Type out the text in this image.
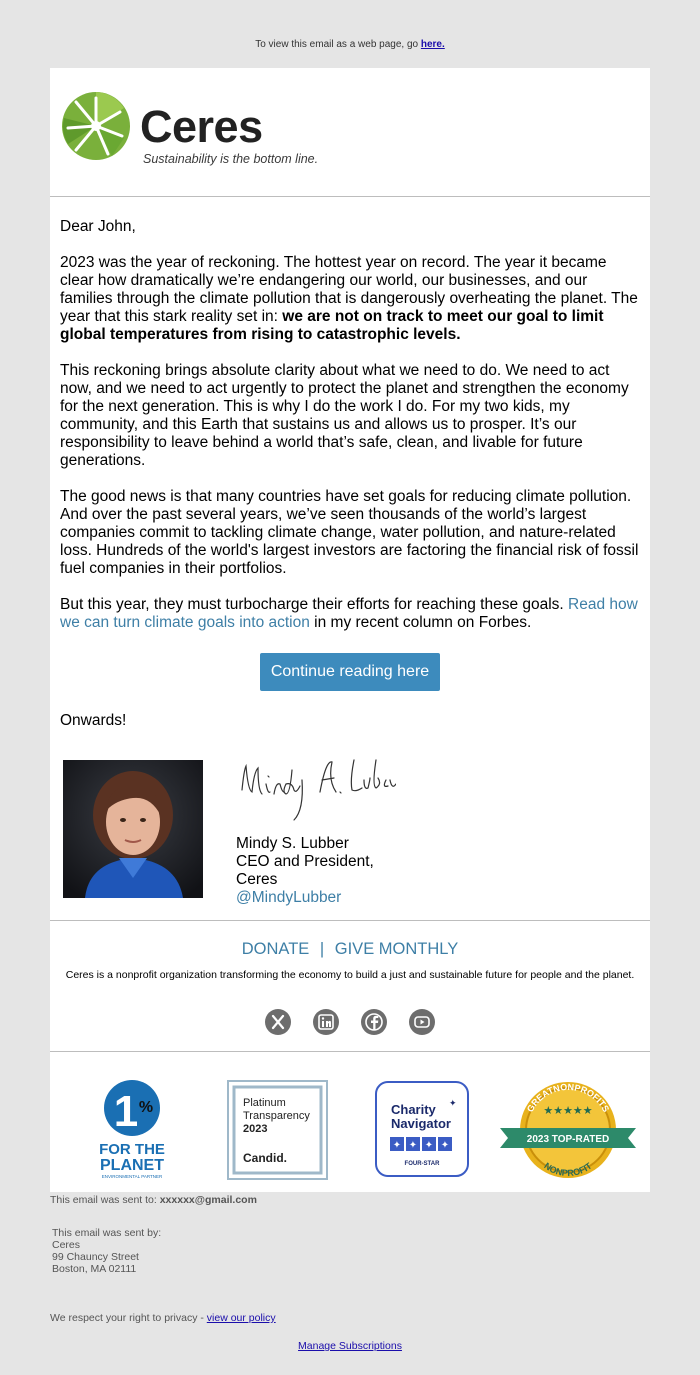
To view this email as a web page, go here.
Ceres
Sustainability is the bottom line.

Dear John,

2023 was the year of reckoning. The hottest year on record. The year it became clear how dramatically we’re endangering our world, our businesses, and our families through the climate pollution that is dangerously overheating the planet. The year that this stark reality set in: we are not on track to meet our goal to limit global temperatures from rising to catastrophic levels.

This reckoning brings absolute clarity about what we need to do. We need to act now, and we need to act urgently to protect the planet and strengthen the economy for the next generation. This is why I do the work I do. For my two kids, my community, and this Earth that sustains us and allows us to prosper. It’s our responsibility to leave behind a world that’s safe, clean, and livable for future generations.

The good news is that many countries have set goals for reducing climate pollution. And over the past several years, we’ve seen thousands of the world’s largest companies commit to tackling climate change, water pollution, and nature-related loss. Hundreds of the world's largest investors are factoring the financial risk of fossil fuel companies in their portfolios.

But this year, they must turbocharge their efforts for reaching these goals. Read how we can turn climate goals into action in my recent column on Forbes.

Continue reading here
Onwards!
Mindy S. Lubber
CEO and President,
Ceres
@MindyLubber
DONATE | GIVE MONTHLY
Ceres is a nonprofit organization transforming the economy to build a just and sustainable future for people and the planet.
1 %
FOR THE
PLANET
ENVIRONMENTAL PARTNER
Platinum
Transparency
2023
Candid.
Charity
Navigator
✦
✦ ✦ ✦ ✦
FOUR-STAR
GREATNONPROFITS
★★★★★
2023 TOP-RATED
NONPROFIT
This email was sent to: xxxxxx@gmail.com
This email was sent by:
Ceres
99 Chauncy Street
Boston, MA 02111
We respect your right to privacy - view our policy
Manage Subscriptions
